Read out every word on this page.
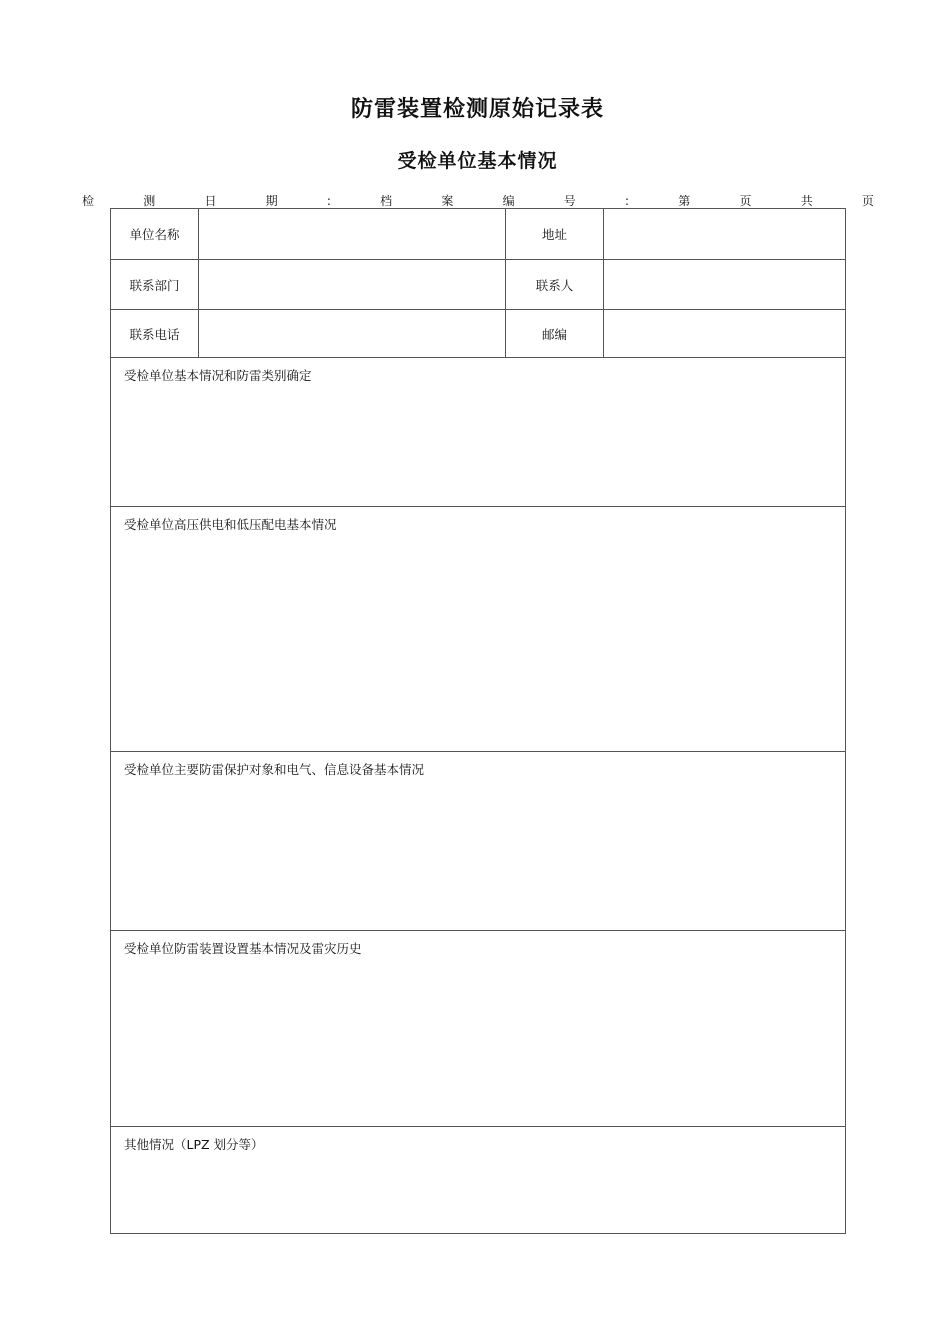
防雷装置检测原始记录表
受检单位基本情况
检	测	日	期	:	档	案	编	号	:	第	页	共	页
单位名称		地址	
联系部门		联系人	
联系电话		邮编	
受检单位基本情况和防雷类别确定			
受检单位高压供电和低压配电基本情况			
受检单位主要防雷保护对象和电气、信息设备基本情况			
受检单位防雷装置设置基本情况及雷灾历史			
其他情况（LPZ 划分等）			
